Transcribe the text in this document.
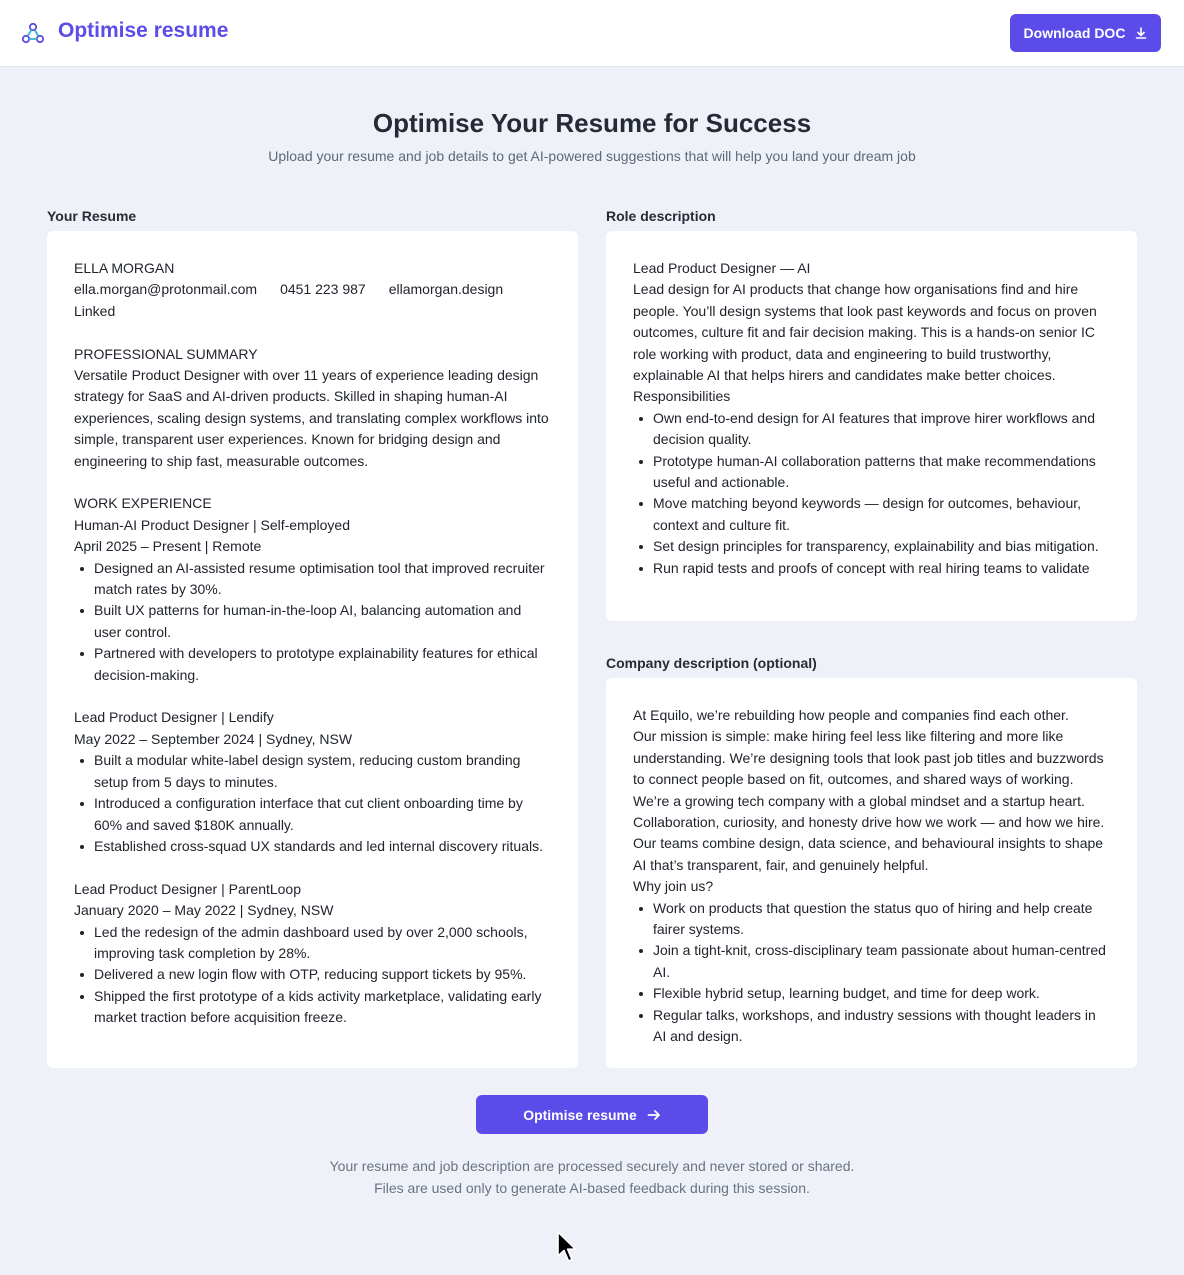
Optimise resume	Download DOC
Optimise Your Resume for Success

Upload your resume and job details to get AI-powered suggestions that will help you land your dream job

Your Resume

ELLA MORGAN

ella.morgan@protonmail.com 0451 223 987 ellamorgan.design

Linked

PROFESSIONAL SUMMARY

Versatile Product Designer with over 11 years of experience leading design strategy for SaaS and AI-driven products. Skilled in shaping human-AI experiences, scaling design systems, and translating complex workflows into simple, transparent user experiences. Known for bridging design and engineering to ship fast, measurable outcomes.

WORK EXPERIENCE

Human-AI Product Designer | Self-employed

April 2025 – Present | Remote

Designed an AI-assisted resume optimisation tool that improved recruiter match rates by 30%.
Built UX patterns for human-in-the-loop AI, balancing automation and user control.
Partnered with developers to prototype explainability features for ethical decision-making.

Lead Product Designer | Lendify

May 2022 – September 2024 | Sydney, NSW

Built a modular white-label design system, reducing custom branding setup from 5 days to minutes.
Introduced a configuration interface that cut client onboarding time by 60% and saved $180K annually.
Established cross-squad UX standards and led internal discovery rituals.

Lead Product Designer | ParentLoop

January 2020 – May 2022 | Sydney, NSW

Led the redesign of the admin dashboard used by over 2,000 schools, improving task completion by 28%.
Delivered a new login flow with OTP, reducing support tickets by 95%.
Shipped the first prototype of a kids activity marketplace, validating early market traction before acquisition freeze.
Role description

Lead Product Designer — AI

Lead design for AI products that change how organisations find and hire people. You’ll design systems that look past keywords and focus on proven outcomes, culture fit and fair decision making. This is a hands-on senior IC role working with product, data and engineering to build trustworthy, explainable AI that helps hirers and candidates make better choices.

Responsibilities

Own end-to-end design for AI features that improve hirer workflows and decision quality.
Prototype human-AI collaboration patterns that make recommendations useful and actionable.
Move matching beyond keywords — design for outcomes, behaviour, context and culture fit.
Set design principles for transparency, explainability and bias mitigation.
Run rapid tests and proofs of concept with real hiring teams to validate
Company description (optional)

At Equilo, we’re rebuilding how people and companies find each other.

Our mission is simple: make hiring feel less like filtering and more like understanding. We’re designing tools that look past job titles and buzzwords to connect people based on fit, outcomes, and shared ways of working.

We’re a growing tech company with a global mindset and a startup heart. Collaboration, curiosity, and honesty drive how we work — and how we hire. Our teams combine design, data science, and behavioural insights to shape AI that’s transparent, fair, and genuinely helpful.

Why join us?

Work on products that question the status quo of hiring and help create fairer systems.
Join a tight-knit, cross-disciplinary team passionate about human-centred AI.
Flexible hybrid setup, learning budget, and time for deep work.
Regular talks, workshops, and industry sessions with thought leaders in AI and design.
Optimise resume

Your resume and job description are processed securely and never stored or shared.

Files are used only to generate AI-based feedback during this session.
